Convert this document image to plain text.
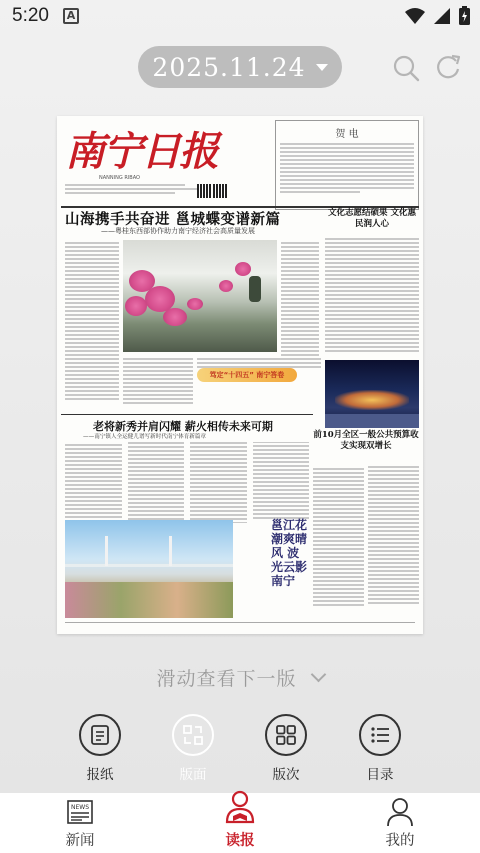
5:20	A
2025.11.24
南宁日报
NANNING RIBAO
贺 电
山海携手共奋进 邕城蝶变谱新篇
——粤桂东西部协作助力南宁经济社会高质量发展
文化志愿结硕果 文化惠民润人心
笃定“十四五” 南宁答卷
老将新秀并肩闪耀 薪火相传未来可期
——南宁镇人全运健儿谱写新时代南宁体育新篇章	前10月全区一般公共预算收支实现双增长
邕江花潮爽晴风 波光云影 南宁
滑动查看下一版
报纸	版面	版次	目录
NEWS
新闻	读报	我的
